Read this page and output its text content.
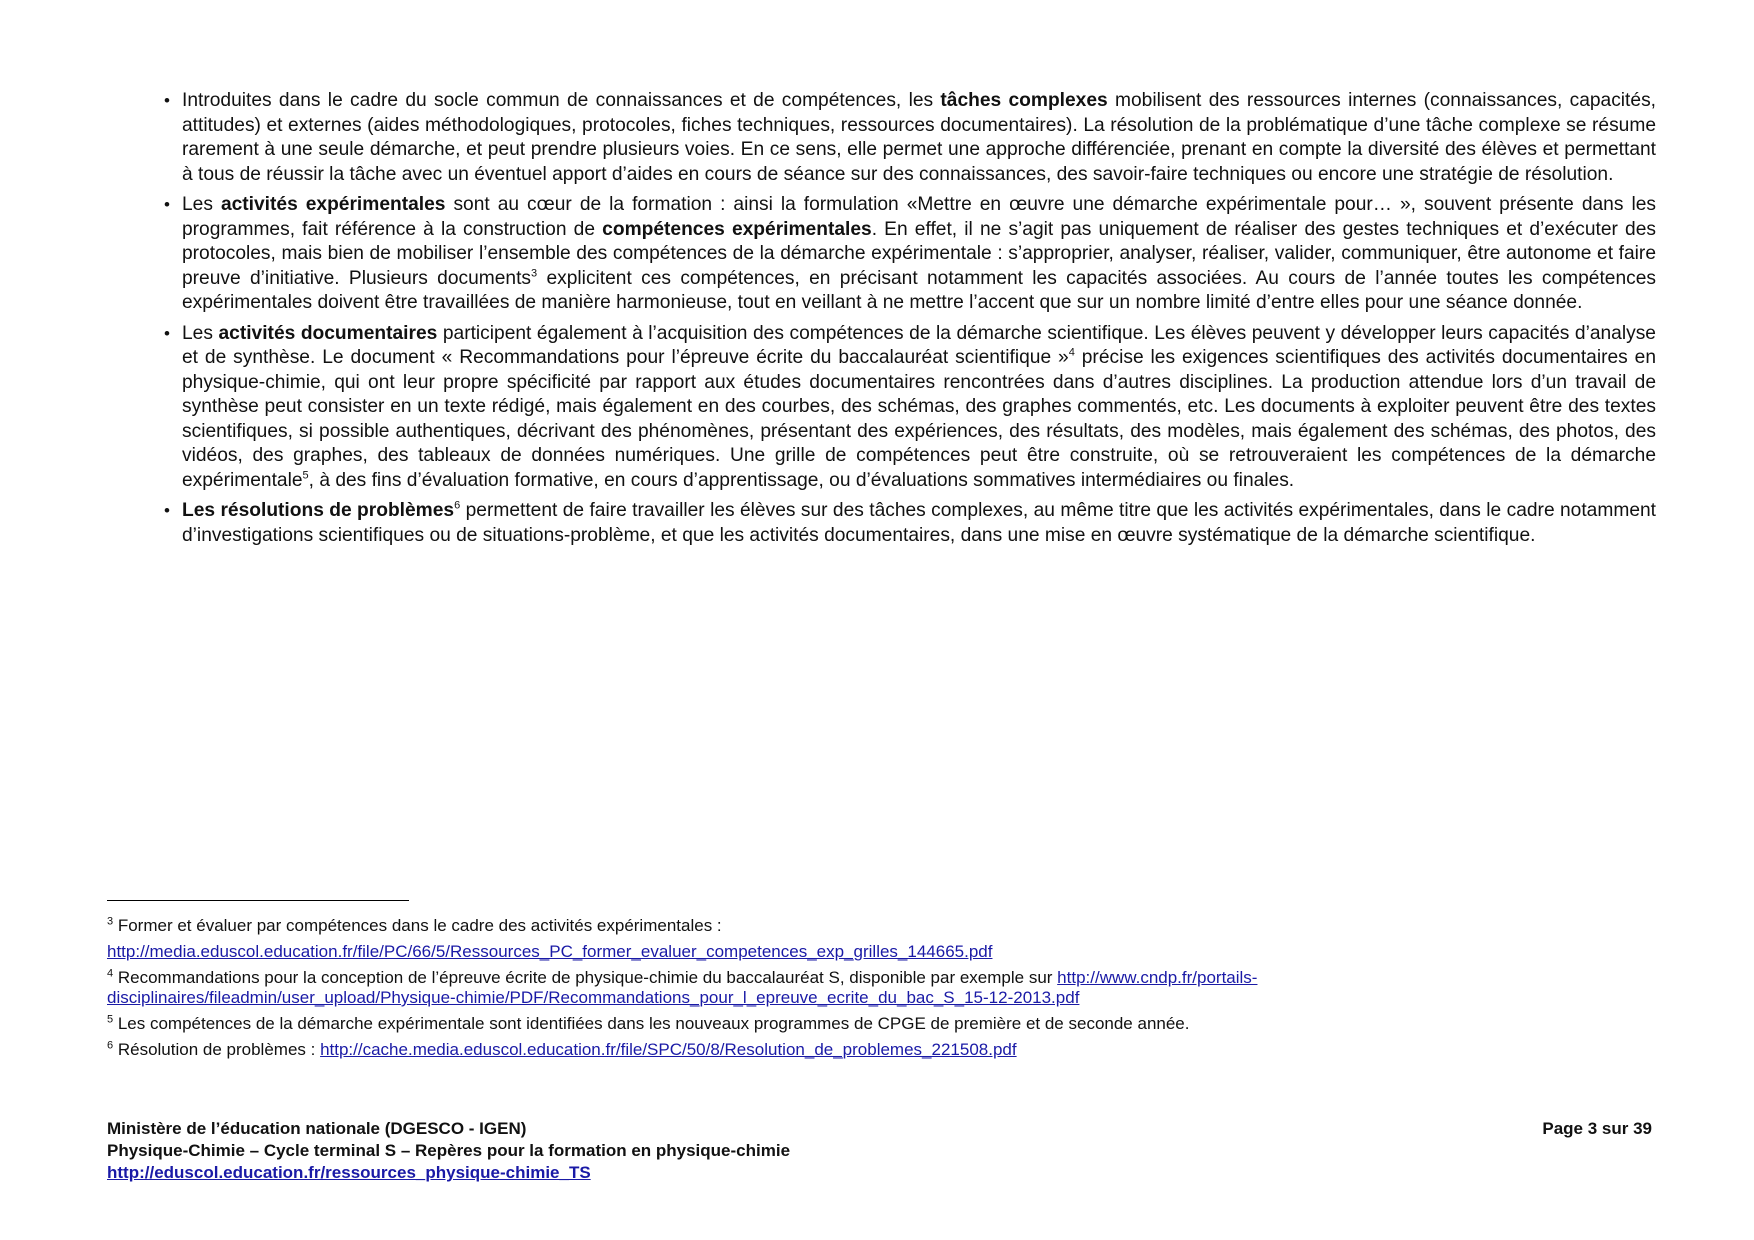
• Introduites dans le cadre du socle commun de connaissances et de compétences, les tâches complexes mobilisent des ressources internes (connaissances, capacités, attitudes) et externes (aides méthodologiques, protocoles, fiches techniques, ressources documentaires). La résolution de la problématique d’une tâche complexe se résume rarement à une seule démarche, et peut prendre plusieurs voies. En ce sens, elle permet une approche différenciée, prenant en compte la diversité des élèves et permettant à tous de réussir la tâche avec un éventuel apport d’aides en cours de séance sur des connaissances, des savoir-faire techniques ou encore une stratégie de résolution.
• Les activités expérimentales sont au cœur de la formation : ainsi la formulation «Mettre en œuvre une démarche expérimentale pour… », souvent présente dans les programmes, fait référence à la construction de compétences expérimentales. En effet, il ne s’agit pas uniquement de réaliser des gestes techniques et d’exécuter des protocoles, mais bien de mobiliser l’ensemble des compétences de la démarche expérimentale : s’approprier, analyser, réaliser, valider, communiquer, être autonome et faire preuve d’initiative. Plusieurs documents$^3$ explicitent ces compétences, en précisant notamment les capacités associées. Au cours de l’année toutes les compétences expérimentales doivent être travaillées de manière harmonieuse, tout en veillant à ne mettre l’accent que sur un nombre limité d’entre elles pour une séance donnée.
• Les activités documentaires participent également à l’acquisition des compétences de la démarche scientifique. Les élèves peuvent y développer leurs capacités d’analyse et de synthèse. Le document « Recommandations pour l’épreuve écrite du baccalauréat scientifique »$^4$ précise les exigences scientifiques des activités documentaires en physique-chimie, qui ont leur propre spécificité par rapport aux études documentaires rencontrées dans d’autres disciplines. La production attendue lors d’un travail de synthèse peut consister en un texte rédigé, mais également en des courbes, des schémas, des graphes commentés, etc. Les documents à exploiter peuvent être des textes scientifiques, si possible authentiques, décrivant des phénomènes, présentant des expériences, des résultats, des modèles, mais également des schémas, des photos, des vidéos, des graphes, des tableaux de données numériques. Une grille de compétences peut être construite, où se retrouveraient les compétences de la démarche expérimentale$^5$, à des fins d’évaluation formative, en cours d’apprentissage, ou d’évaluations sommatives intermédiaires ou finales.
• Les résolutions de problèmes$^6$ permettent de faire travailler les élèves sur des tâches complexes, au même titre que les activités expérimentales, dans le cadre notamment d’investigations scientifiques ou de situations-problème, et que les activités documentaires, dans une mise en œuvre systématique de la démarche scientifique.

$^3$ Former et évaluer par compétences dans le cadre des activités expérimentales :

http://media.eduscol.education.fr/file/PC/66/5/Ressources_PC_former_evaluer_competences_exp_grilles_144665.pdf

$^4$ Recommandations pour la conception de l’épreuve écrite de physique-chimie du baccalauréat S, disponible par exemple sur http://www.cndp.fr/portails-disciplinaires/fileadmin/user_upload/Physique-chimie/PDF/Recommandations_pour_l_epreuve_ecrite_du_bac_S_15-12-2013.pdf

$^5$ Les compétences de la démarche expérimentale sont identifiées dans les nouveaux programmes de CPGE de première et de seconde année.

$^6$ Résolution de problèmes : http://cache.media.eduscol.education.fr/file/SPC/50/8/Resolution_de_problemes_221508.pdf

Ministère de l’éducation nationale (DGESCO - IGEN)
Physique-Chimie – Cycle terminal S – Repères pour la formation en physique-chimie
http://eduscol.education.fr/ressources_physique-chimie_TS
Page 3 sur 39
